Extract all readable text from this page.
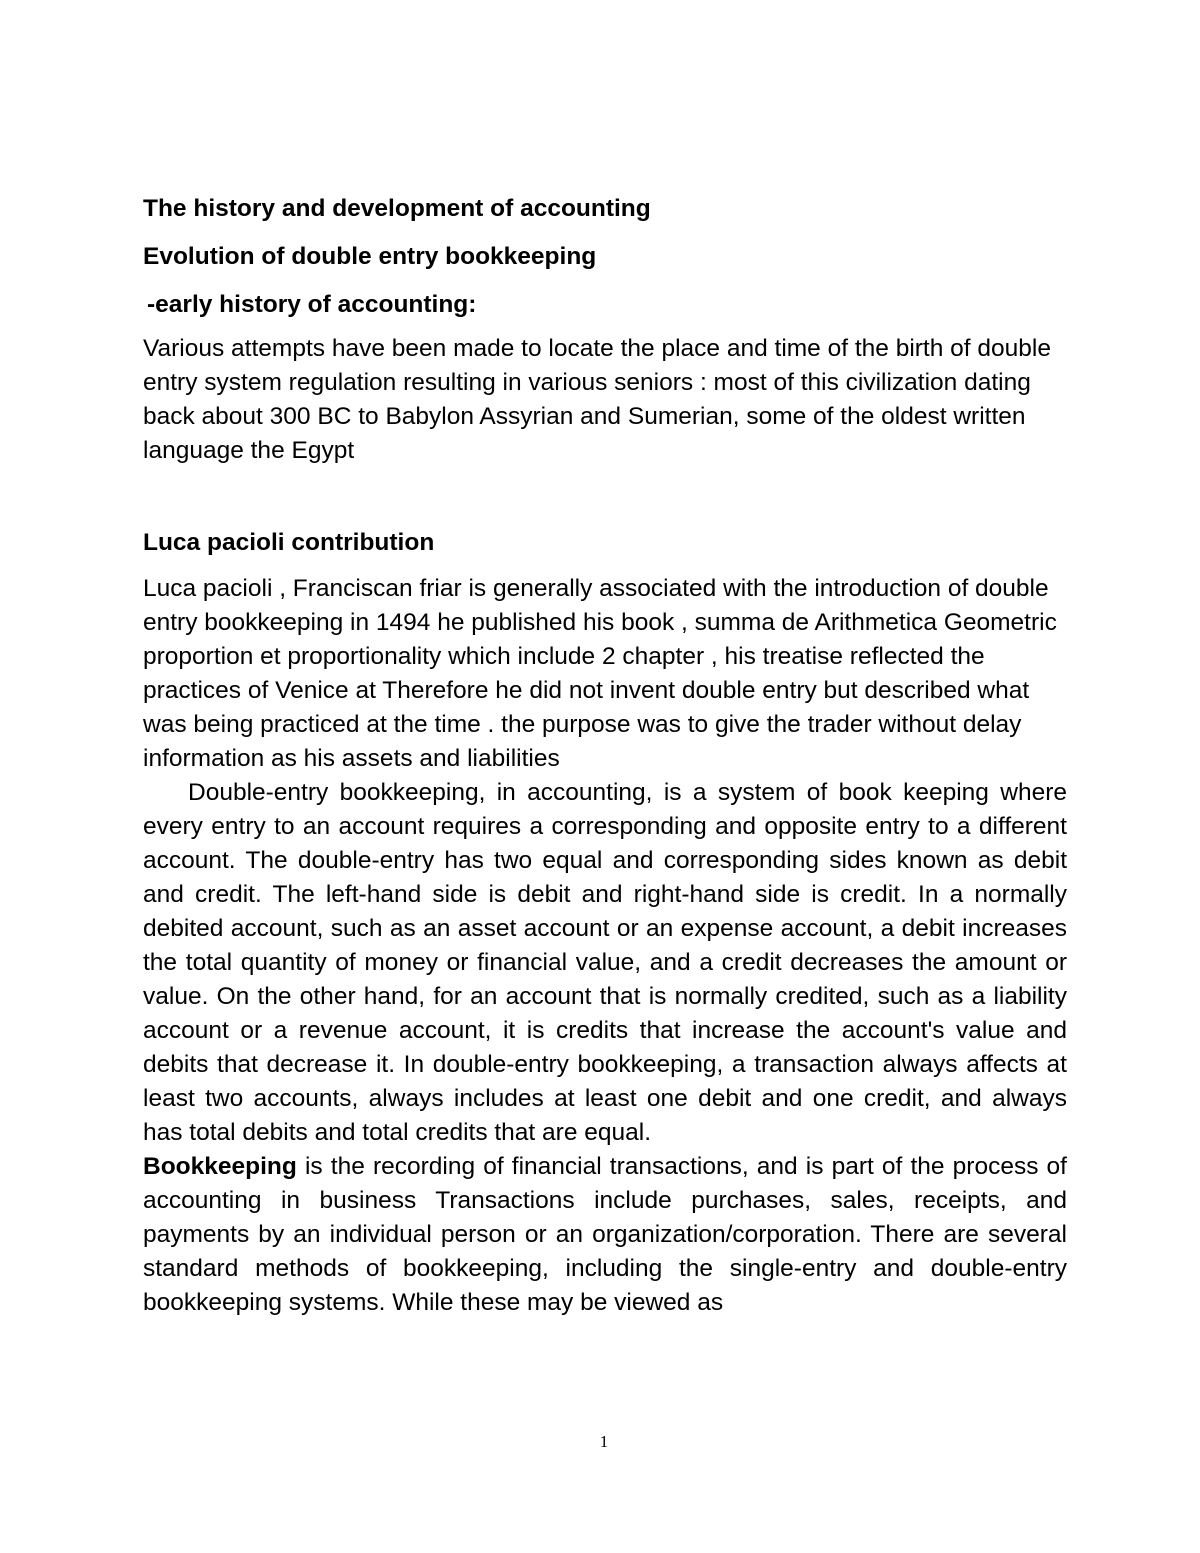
The history and development of accounting
Evolution of double entry bookkeeping
-early history of accounting:

Various attempts have been made to locate the place and time of the birth of double entry system regulation resulting in various seniors : most of this civilization dating back about 300 BC to Babylon Assyrian and Sumerian, some of the oldest written language the Egypt

Luca pacioli contribution

Luca pacioli , Franciscan friar is generally associated with the introduction of double entry bookkeeping in 1494 he published his book , summa de Arithmetica Geometric proportion et proportionality which include 2 chapter , his treatise reflected the practices of Venice at Therefore he did not invent double entry but described what was being practiced at the time . the purpose was to give the trader without delay information as his assets and liabilities

Double-entry bookkeeping, in accounting, is a system of book keeping where every entry to an account requires a corresponding and opposite entry to a different account. The double-entry has two equal and corresponding sides known as debit and credit. The left-hand side is debit and right-hand side is credit. In a normally debited account, such as an asset account or an expense account, a debit increases the total quantity of money or financial value, and a credit decreases the amount or value. On the other hand, for an account that is normally credited, such as a liability account or a revenue account, it is credits that increase the account's value and debits that decrease it. In double-entry bookkeeping, a transaction always affects at least two accounts, always includes at least one debit and one credit, and always has total debits and total credits that are equal.

Bookkeeping is the recording of financial transactions, and is part of the process of accounting in business Transactions include purchases, sales, receipts, and payments by an individual person or an organization/corporation. There are several standard methods of bookkeeping, including the single-entry and double-entry bookkeeping systems. While these may be viewed as

1
